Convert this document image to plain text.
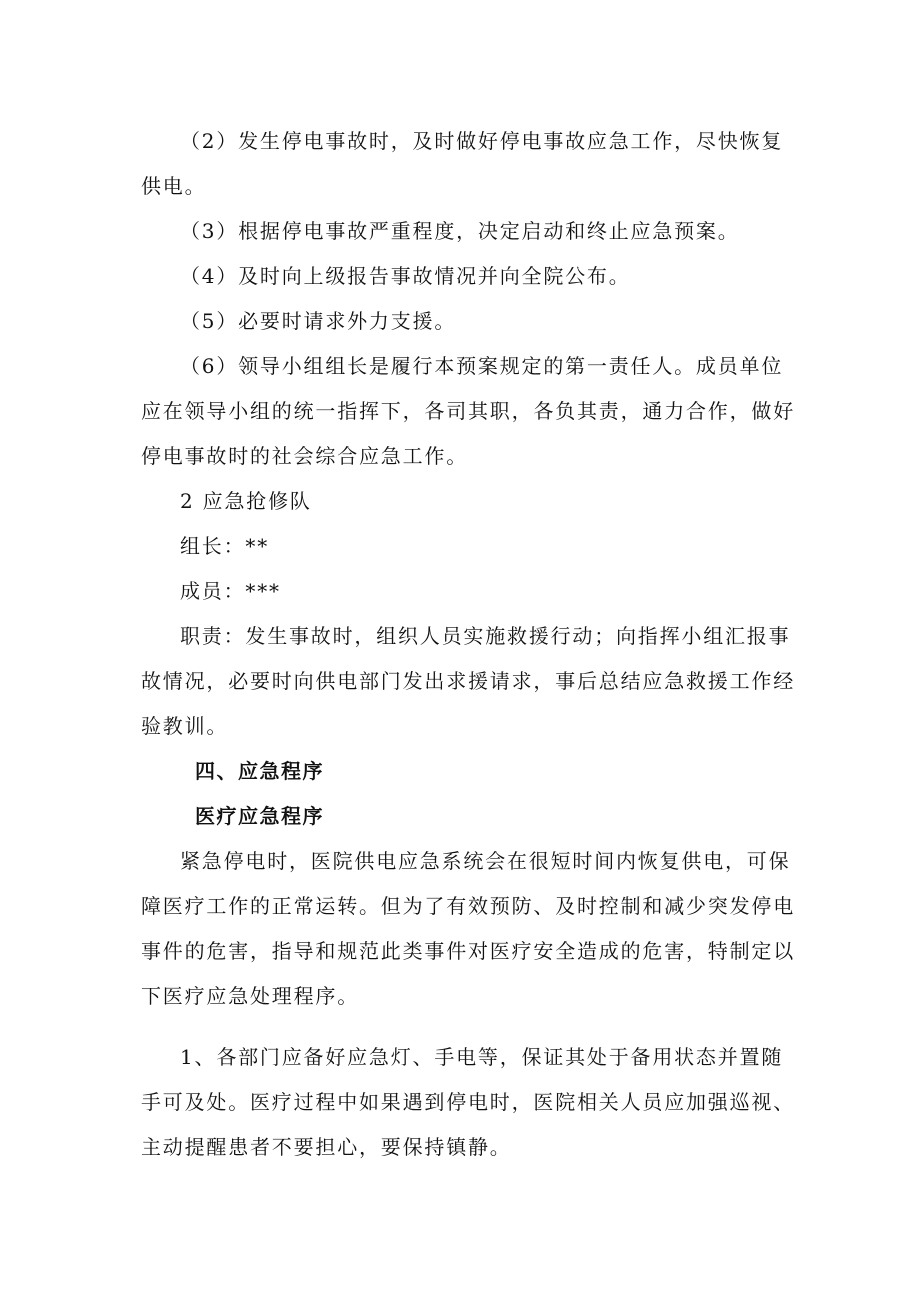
（2）发生停电事故时，及时做好停电事故应急工作，尽快恢复
供电。
（3）根据停电事故严重程度，决定启动和终止应急预案。
（4）及时向上级报告事故情况并向全院公布。
（5）必要时请求外力支援。
（6）领导小组组长是履行本预案规定的第一责任人。成员单位
应在领导小组的统一指挥下，各司其职，各负其责，通力合作，做好
停电事故时的社会综合应急工作。
2 应急抢修队
组长：**
成员：***
职责：发生事故时，组织人员实施救援行动；向指挥小组汇报事
故情况，必要时向供电部门发出求援请求，事后总结应急救援工作经
验教训。
四、应急程序
医疗应急程序
紧急停电时，医院供电应急系统会在很短时间内恢复供电，可保
障医疗工作的正常运转。但为了有效预防、及时控制和减少突发停电
事件的危害，指导和规范此类事件对医疗安全造成的危害，特制定以
下医疗应急处理程序。
1、各部门应备好应急灯、手电等，保证其处于备用状态并置随
手可及处。医疗过程中如果遇到停电时，医院相关人员应加强巡视、
主动提醒患者不要担心，要保持镇静。
